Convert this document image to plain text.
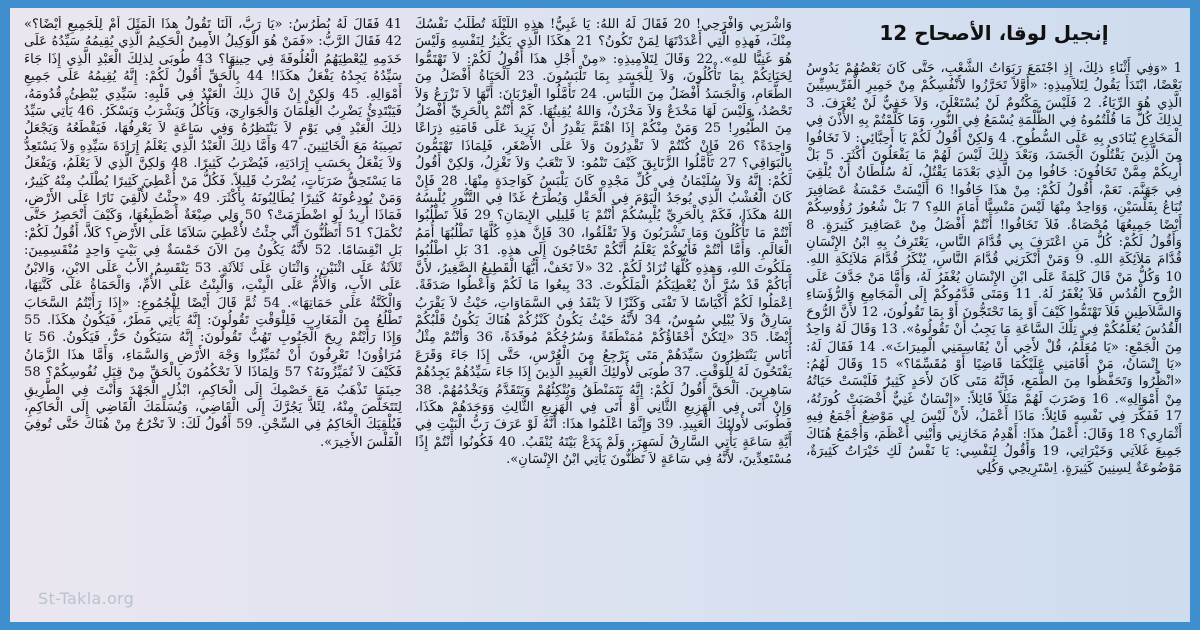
إنجيل لوقا، الأصحاح 12

1 «وَفِي أَثْنَاءِ ذلِكَ، إِذِ اجْتَمَعَ رَبَوَاتُ الشَّعْبِ، حَتَّى كَانَ بَعْضُهُمْ يَدُوسُ بَعْضًا، ابْتَدَأَ يَقُولُ لِتَلاَمِيذِهِ: «أَوَّلاً تَحَرَّزُوا لأَنْفُسِكُمْ مِنْ خَمِيرِ الْفَرِّيسِيِّينَ الَّذِي هُوَ الرِّيَاءُ. 2 فَلَيْسَ مَكْتُومٌ لَنْ يُسْتَعْلَنَ، وَلاَ خَفِيٌّ لَنْ يُعْرَفَ. 3 لِذلِكَ كُلُّ مَا قُلْتُمُوهُ فِي الظُّلْمَةِ يُسْمَعُ فِي النُّورِ، وَمَا كَلَّمْتُمْ بِهِ الأُذْنَ فِي الْمَخَادِعِ يُنَادَى بِهِ عَلَى السُّطُوحِ. 4 وَلكِنْ أَقُولُ لَكُمْ يَا أَحِبَّائِي: لاَ تَخَافُوا مِنَ الَّذِينَ يَقْتُلُونَ الْجَسَدَ، وَبَعْدَ ذلِكَ لَيْسَ لَهُمْ مَا يَفْعَلُونَ أَكْثَرَ. 5 بَلْ أُرِيكُمْ مِمَّنْ تَخَافُونَ: خَافُوا مِنَ الَّذِي بَعْدَمَا يَقْتُلُ، لَهُ سُلْطَانٌ أَنْ يُلْقِيَ فِي جَهَنَّمَ. نَعَمْ، أَقُولُ لَكُمْ: مِنْ هذَا خَافُوا! 6 أَلَيْسَتْ خَمْسَةُ عَصَافِيرَ تُبَاعُ بِفَلْسَيْنِ، وَوَاحِدٌ مِنْهَا لَيْسَ مَنْسِيًّا أَمَامَ اللهِ؟ 7 بَلْ شُعُورُ رُؤُوسِكُمْ أَيْضًا جَمِيعُهَا مُحْصَاةٌ. فَلاَ تَخَافُوا! أَنْتُمْ أَفْضَلُ مِنْ عَصَافِيرَ كَثِيرَةٍ. 8 وَأَقُولُ لَكُمْ: كُلُّ مَنِ اعْتَرَفَ بِي قُدَّامَ النَّاسِ، يَعْتَرِفُ بِهِ ابْنُ الإِنْسَانِ قُدَّامَ مَلاَئِكَةِ اللهِ. 9 وَمَنْ أَنْكَرَنِي قُدَّامَ النَّاسِ، يُنْكَرُ قُدَّامَ مَلاَئِكَةِ اللهِ. 10 وَكُلُّ مَنْ قَالَ كَلِمَةً عَلَى ابْنِ الإِنْسَانِ يُغْفَرُ لَهُ، وَأَمَّا مَنْ جَدَّفَ عَلَى الرُّوحِ الْقُدُسِ فَلاَ يُغْفَرُ لَهُ. 11 وَمَتَى قَدَّمُوكُمْ إِلَى الْمَجَامِعِ وَالرُّؤَسَاءِ وَالسَّلاَطِينِ فَلاَ تَهْتَمُّوا كَيْفَ أَوْ بِمَا تَحْتَجُّونَ أَوْ بِمَا تَقُولُونَ، 12 لأَنَّ الرُّوحَ الْقُدُسَ يُعَلِّمُكُمْ فِي تِلْكَ السَّاعَةِ مَا يَجِبُ أَنْ تَقُولُوهُ». 13 وَقَالَ لَهُ وَاحِدٌ مِنَ الْجَمْعِ: «يَا مُعَلِّمُ، قُلْ لأَخِي أَنْ يُقَاسِمَنِي الْمِيرَاثَ». 14 فَقَالَ لَهُ: «يَا إِنْسَانُ، مَنْ أَقَامَنِي عَلَيْكُمَا قَاضِيًا أَوْ مُقَسِّمًا؟» 15 وَقَالَ لَهُمُ: «انْظُرُوا وَتَحَفَّظُوا مِنَ الطَّمَعِ، فَإِنَّهُ مَتَى كَانَ لأَحَدٍ كَثِيرٌ فَلَيْسَتْ حَيَاتُهُ مِنْ أَمْوَالِهِ». 16 وَضَرَبَ لَهُمْ مَثَلاً قَائِلاً: «إِنْسَانٌ غَنِيٌّ أَخْصَبَتْ كُورَتُهُ، 17 فَفَكَّرَ فِي نَفْسِهِ قَائِلاً: مَاذَا أَعْمَلُ، لأَنْ لَيْسَ لِي مَوْضِعٌ أَجْمَعُ فِيهِ أَثْمَارِي؟ 18 وَقَالَ: أَعْمَلُ هذَا: أَهْدِمُ مَخَازِنِي وَأَبْنِي أَعْظَمَ، وَأَجْمَعُ هُنَاكَ جَمِيعَ غَلاَتِي وَخَيْرَاتِي، 19 وَأَقُولُ لِنَفْسِي: يَا نَفْسُ لَكِ خَيْرَاتٌ كَثِيرَةٌ، مَوْضُوعَةٌ لِسِنِينَ كَثِيرَةٍ. اِسْتَرِيحِي وَكُلِي

وَاشْرَبِي وَافْرَحِي! 20 فَقَالَ لَهُ اللهُ: يَا غَبِيُّ! هذِهِ اللَّيْلَةَ تُطْلَبُ نَفْسُكَ مِنْكَ، فَهذِهِ الَّتِي أَعْدَدْتَهَا لِمَنْ تَكُونُ؟ 21 هكَذَا الَّذِي يَكْنِزُ لِنَفْسِهِ وَلَيْسَ هُوَ غَنِيًّا للهِ». 22 وَقَالَ لِتَلاَمِيذِهِ: «مِنْ أَجْلِ هذَا أَقُولُ لَكُمْ: لاَ تَهْتَمُّوا لِحَيَاتِكُمْ بِمَا تَأْكُلُونَ، وَلاَ لِلْجَسَدِ بِمَا تَلْبَسُونَ. 23 اَلْحَيَاةُ أَفْضَلُ مِنَ الطَّعَامِ، وَالْجَسَدُ أَفْضَلُ مِنَ اللِّبَاسِ. 24 تَأَمَّلُوا الْغِرْبَانَ: أَنَّهَا لاَ تَزْرَعُ وَلاَ تَحْصُدُ، وَلَيْسَ لَهَا مَخْدَعٌ وَلاَ مَخْزَنٌ، وَاللهُ يُقِيتُهَا. كَمْ أَنْتُمْ بِالْحَرِيِّ أَفْضَلُ مِنَ الطُّيُورِ! 25 وَمَنْ مِنْكُمْ إِذَا اهْتَمَّ يَقْدِرُ أَنْ يَزِيدَ عَلَى قَامَتِهِ ذِرَاعًا وَاحِدَةً؟ 26 فَإِنْ كُنْتُمْ لاَ تَقْدِرُونَ وَلاَ عَلَى الأَصْغَرِ، فَلِمَاذَا تَهْتَمُّونَ بِالْبَوَاقِي؟ 27 تَأَمَّلُوا الزَّنَابِقَ كَيْفَ تَنْمُو: لاَ تَتْعَبُ وَلاَ تَغْزِلُ، وَلكِنْ أَقُولُ لَكُمْ: إِنَّهُ وَلاَ سُلَيْمَانُ فِي كُلِّ مَجْدِهِ كَانَ يَلْبَسُ كَوَاحِدَةٍ مِنْهَا. 28 فَإِنْ كَانَ الْعُشْبُ الَّذِي يُوجَدُ الْيَوْمَ فِي الْحَقْلِ وَيُطْرَحُ غَدًا فِي التَّنُّورِ يُلْبِسُهُ اللهُ هكَذَا، فَكَمْ بِالْحَرِيِّ يُلْبِسُكُمْ أَنْتُمْ يَا قَلِيلِي الإِيمَانِ؟ 29 فَلاَ تَطْلُبُوا أَنْتُمْ مَا تَأْكُلُونَ وَمَا تَشْرَبُونَ وَلاَ تَقْلَقُوا، 30 فَإِنَّ هذِهِ كُلَّهَا تَطْلُبُهَا أُمَمُ الْعَالَمِ. وَأَمَّا أَنْتُمْ فَأَبُوكُمْ يَعْلَمُ أَنَّكُمْ تَحْتَاجُونَ إِلَى هذِهِ. 31 بَلِ اطْلُبُوا مَلَكُوتَ اللهِ، وَهذِهِ كُلُّهَا تُزَادُ لَكُمْ. 32 «لاَ تَخَفْ، أَيُّهَا الْقَطِيعُ الصَّغِيرُ، لأَنَّ أَبَاكُمْ قَدْ سُرَّ أَنْ يُعْطِيَكُمُ الْمَلَكُوتَ. 33 بِيعُوا مَا لَكُمْ وَأَعْطُوا صَدَقَةً. اِعْمَلُوا لَكُمْ أَكْيَاسًا لاَ تَفْنَى وَكَنْزًا لاَ يَنْفَدُ فِي السَّمَاوَاتِ، حَيْثُ لاَ يَقْرَبُ سَارِقٌ وَلاَ يُبْلِي سُوسٌ، 34 لأَنَّهُ حَيْثُ يَكُونُ كَنْزُكُمْ هُنَاكَ يَكُونُ قَلْبُكُمْ أَيْضًا. 35 «لِتَكُنْ أَحْقَاؤُكُمْ مُمَنْطَقَةً وَسُرُجُكُمْ مُوقَدَةً، 36 وَأَنْتُمْ مِثْلُ أُنَاسٍ يَنْتَظِرُونَ سَيِّدَهُمْ مَتَى يَرْجِعُ مِنَ الْعُرْسِ، حَتَّى إِذَا جَاءَ وَقَرَعَ يَفْتَحُونَ لَهُ لِلْوَقْتِ. 37 طُوبَى لأُولئِكَ الْعَبِيدِ الَّذِينَ إِذَا جَاءَ سَيِّدُهُمْ يَجِدُهُمْ سَاهِرِينَ. اَلْحَقَّ أَقُولُ لَكُمْ: إِنَّهُ يَتَمَنْطَقُ وَيُتْكِئُهُمْ وَيَتَقَدَّمُ وَيَخْدُمُهُمْ. 38 وَإِنْ أَتَى فِي الْهَزِيعِ الثَّانِي أَوْ أَتَى فِي الْهَزِيعِ الثَّالِثِ وَوَجَدَهُمْ هكَذَا، فَطُوبَى لأُولئِكَ الْعَبِيدِ. 39 وَإِنَّمَا اعْلَمُوا هذَا: أَنَّهُ لَوْ عَرَفَ رَبُّ الْبَيْتِ فِي أَيَّةِ سَاعَةٍ يَأْتِي السَّارِقُ لَسَهِرَ، وَلَمْ يَدَعْ بَيْتَهُ يُنْقَبُ. 40 فَكُونُوا أَنْتُمْ إِذًا مُسْتَعِدِّينَ، لأَنَّهُ فِي سَاعَةٍ لاَ تَظُنُّونَ يَأْتِي ابْنُ الإِنْسَانِ».

41 فَقَالَ لَهُ بُطْرُسُ: «يَا رَبُّ، أَلَنَا تَقُولُ هذَا الْمَثَلَ أَمْ لِلْجَمِيعِ أَيْضًا؟» 42 فَقَالَ الرَّبُّ: «فَمَنْ هُوَ الْوَكِيلُ الأَمِينُ الْحَكِيمُ الَّذِي يُقِيمُهُ سَيِّدُهُ عَلَى خَدَمِهِ لِيُعْطِيَهُمُ الْعُلُوفَةَ فِي حِينِهَا؟ 43 طُوبَى لِذلِكَ الْعَبْدِ الَّذِي إِذَا جَاءَ سَيِّدُهُ يَجِدُهُ يَفْعَلُ هكَذَا! 44 بِالْحَقِّ أَقُولُ لَكُمْ: إِنَّهُ يُقِيمُهُ عَلَى جَمِيعِ أَمْوَالِهِ. 45 وَلكِنْ إِنْ قَالَ ذلِكَ الْعَبْدُ فِي قَلْبِهِ: سَيِّدِي يُبْطِئُ قُدُومَهُ، فَيَبْتَدِئُ يَضْرِبُ الْغِلْمَانَ وَالْجَوَارِيَ، وَيَأْكُلُ وَيَشْرَبُ وَيَسْكَرُ. 46 يَأْتِي سَيِّدُ ذلِكَ الْعَبْدِ فِي يَوْمٍ لاَ يَنْتَظِرُهُ وَفِي سَاعَةٍ لاَ يَعْرِفُهَا، فَيَقْطَعُهُ وَيَجْعَلُ نَصِيبَهُ مَعَ الْخَائِنِينَ. 47 وَأَمَّا ذلِكَ الْعَبْدُ الَّذِي يَعْلَمُ إِرَادَةَ سَيِّدِهِ وَلاَ يَسْتَعِدُّ وَلاَ يَفْعَلُ بِحَسَبِ إِرَادَتِهِ، فَيُضْرَبُ كَثِيرًا. 48 وَلكِنَّ الَّذِي لاَ يَعْلَمُ، وَيَفْعَلُ مَا يَسْتَحِقُّ ضَرَبَاتٍ، يُضْرَبُ قَلِيلاً. فَكُلُّ مَنْ أُعْطِيَ كَثِيرًا يُطْلَبُ مِنْهُ كَثِيرٌ، وَمَنْ يُودِعُونَهُ كَثِيرًا يُطَالِبُونَهُ بِأَكْثَرَ. 49 «جِئْتُ لأُلْقِيَ نَارًا عَلَى الأَرْضِ، فَمَاذَا أُرِيدُ لَوِ اضْطَرَمَتْ؟ 50 وَلِي صِبْغَةٌ أَصْطَبِغُهَا، وَكَيْفَ أَنْحَصِرُ حَتَّى تُكْمَلَ؟ 51 أَتَظُنُّونَ أَنِّي جِئْتُ لأُعْطِيَ سَلاَمًا عَلَى الأَرْضِ؟ كَلاَّ، أَقُولُ لَكُمْ: بَلِ انْقِسَامًا. 52 لأَنَّهُ يَكُونُ مِنَ الآنَ خَمْسَةٌ فِي بَيْتٍ وَاحِدٍ مُنْقَسِمِينَ: ثَلاَثَةٌ عَلَى اثْنَيْنِ، وَاثْنَانِ عَلَى ثَلاَثَةٍ. 53 يَنْقَسِمُ الأَبُ عَلَى الابْنِ، وَالابْنُ عَلَى الأَبِ، وَالأُمُّ عَلَى الْبِنْتِ، وَالْبِنْتُ عَلَى الأُمِّ، وَالْحَمَاةُ عَلَى كَنَّتِهَا، وَالْكَنَّةُ عَلَى حَمَاتِهَا». 54 ثُمَّ قَالَ أَيْضًا لِلْجُمُوعِ: «إِذَا رَأَيْتُمُ السَّحَابَ تَطْلُعُ مِنَ الْمَغَارِبِ فَلِلْوَقْتِ تَقُولُونَ: إِنَّهُ يَأْتِي مَطَرٌ، فَيَكُونُ هكَذَا. 55 وَإِذَا رَأَيْتُمْ رِيحَ الْجَنُوبِ تَهُبُّ تَقُولُونَ: إِنَّهُ سَيَكُونُ حَرٌّ، فَيَكُونُ. 56 يَا مُرَاؤُونَ! تَعْرِفُونَ أَنْ تُمَيِّزُوا وَجْهَ الأَرْضِ وَالسَّمَاءِ، وَأَمَّا هذَا الزَّمَانُ فَكَيْفَ لاَ تُمَيِّزُونَهُ؟ 57 وَلِمَاذَا لاَ تَحْكُمُونَ بِالْحَقِّ مِنْ قِبَلِ نُفُوسِكُمْ؟ 58 حِينَمَا تَذْهَبُ مَعَ خَصْمِكَ إِلَى الْحَاكِمِ، ابْذُلِ الْجَهْدَ وَأَنْتَ فِي الطَّرِيقِ لِتَتَخَلَّصَ مِنْهُ، لِئَلاَّ يَجُرَّكَ إِلَى الْقَاضِي، وَيُسَلِّمَكَ الْقَاضِي إِلَى الْحَاكِمِ، فَيُلْقِيَكَ الْحَاكِمُ فِي السِّجْنِ. 59 أَقُولُ لَكَ: لاَ تَخْرُجُ مِنْ هُنَاكَ حَتَّى تُوفِيَ الْفَلْسَ الأَخِيرَ».

St-Takla.org
